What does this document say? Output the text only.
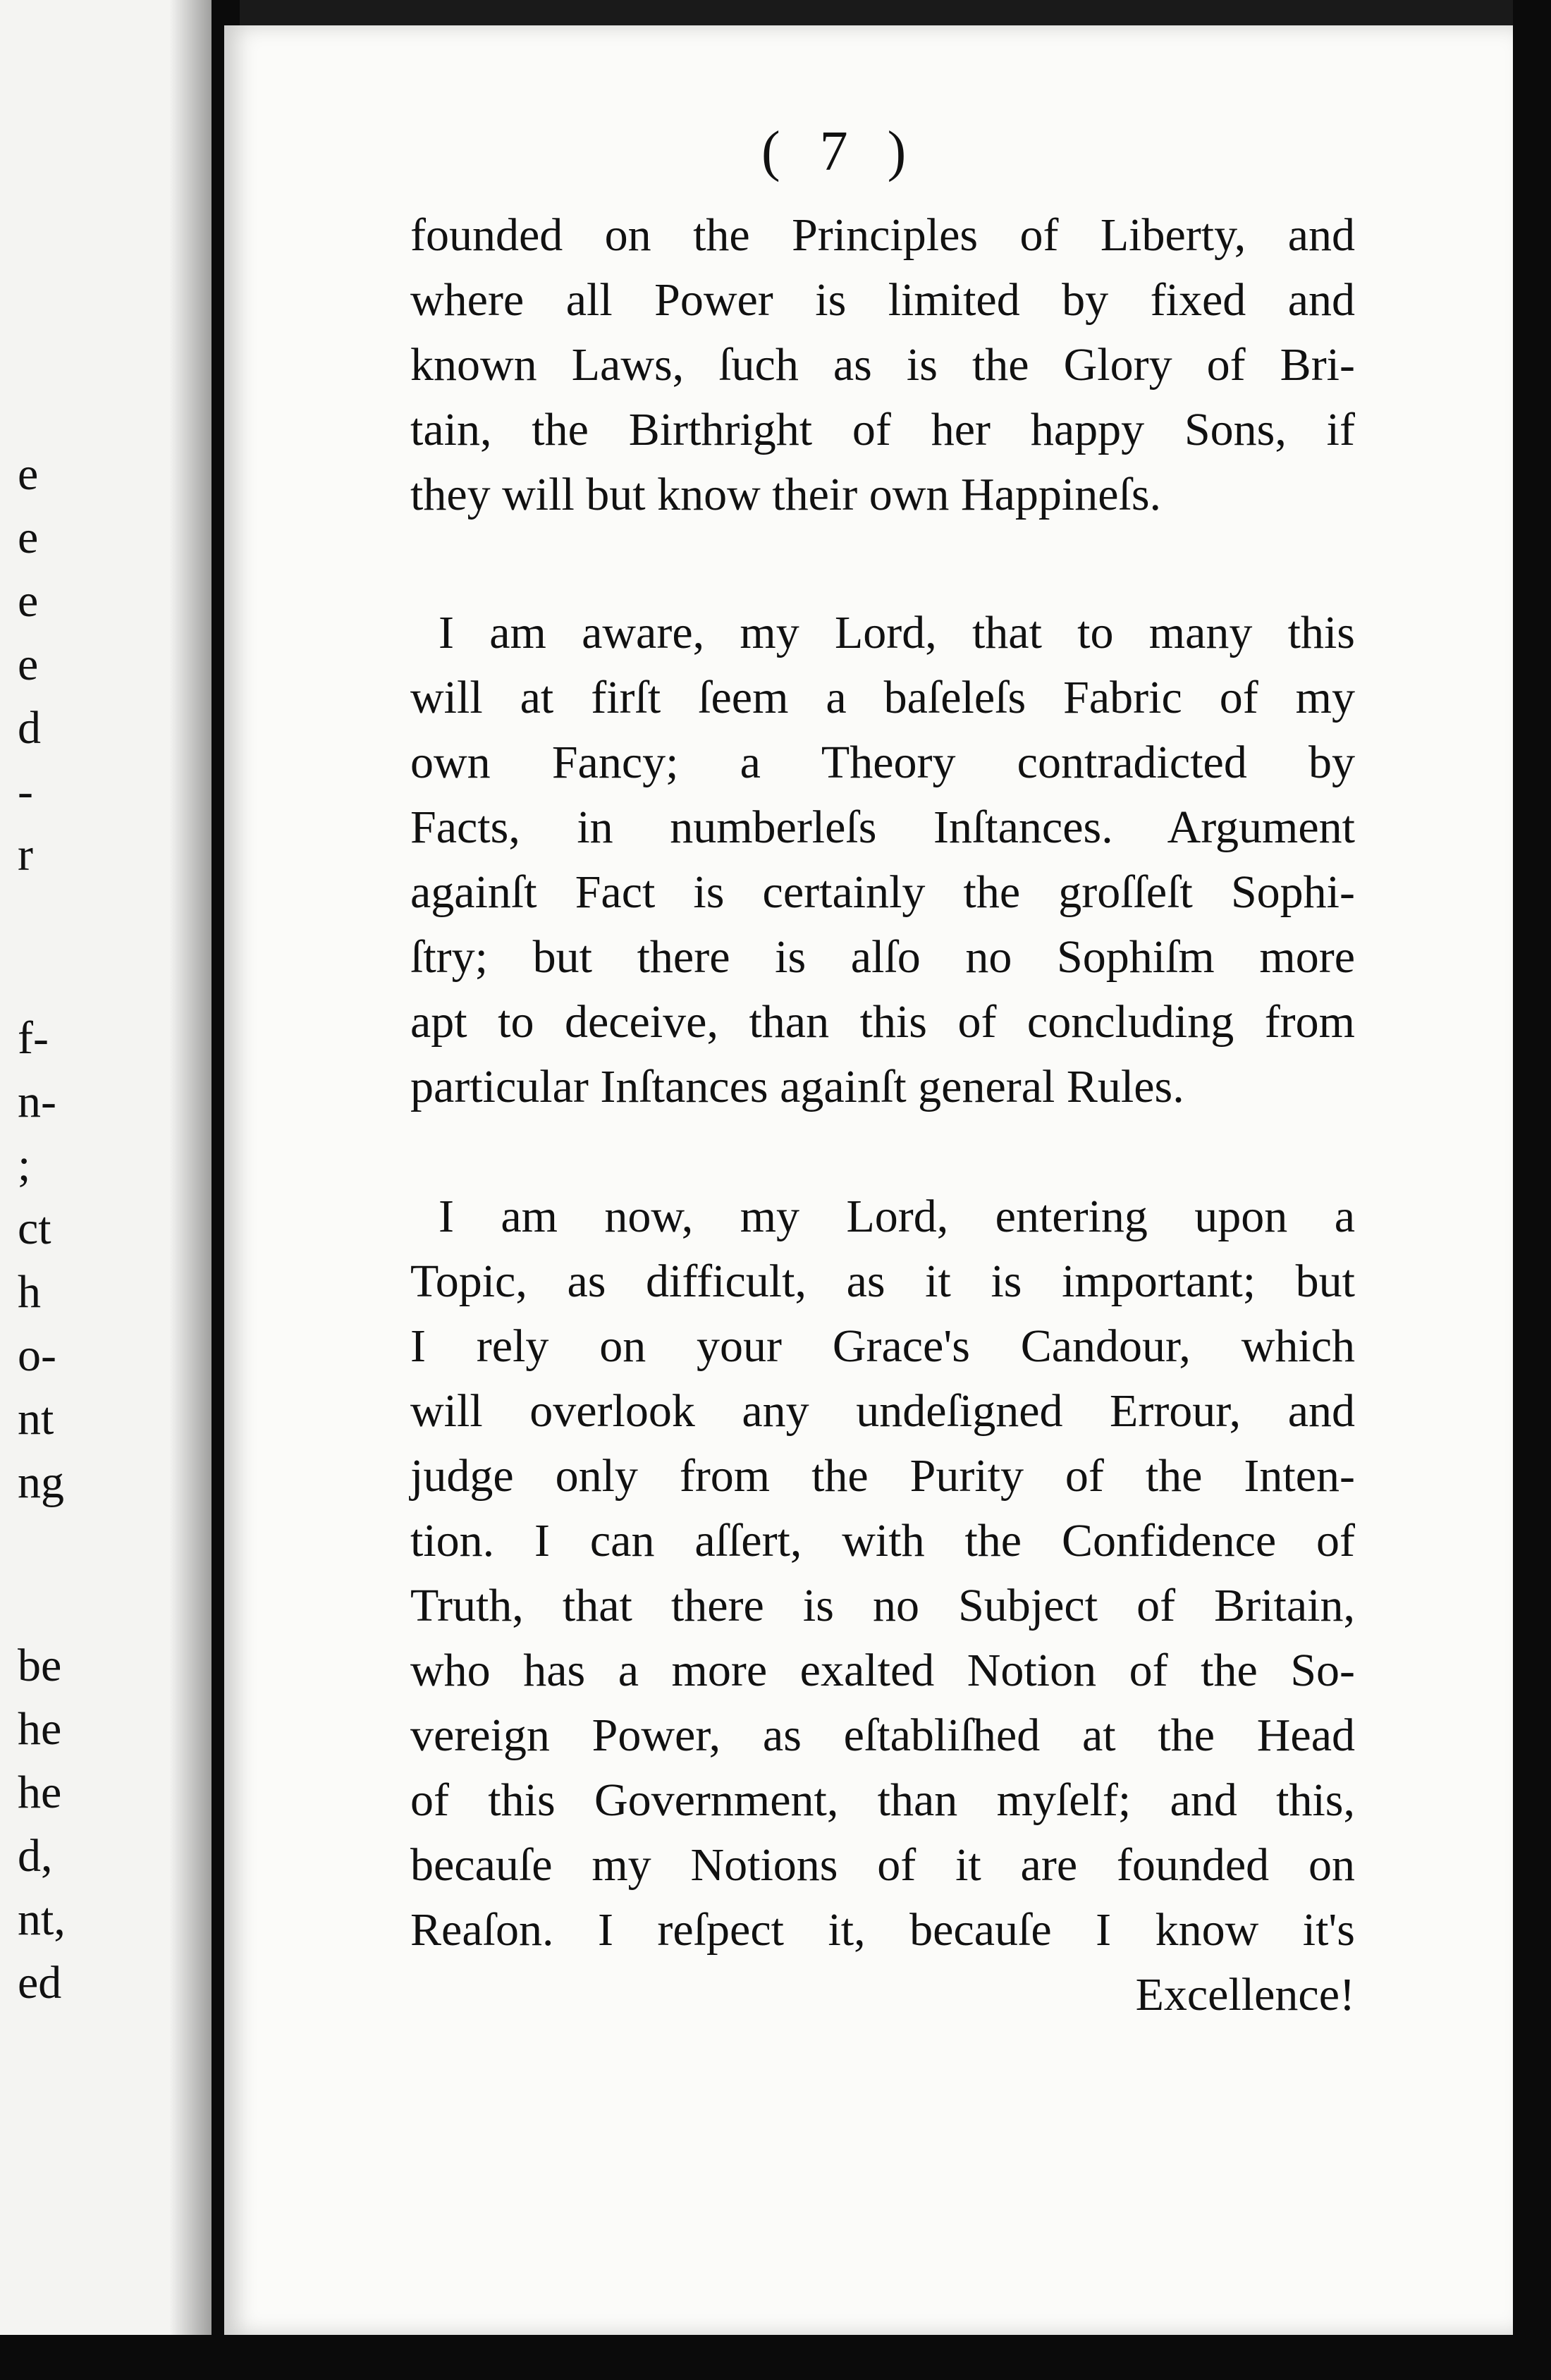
e
e
e
e
d
-
r
f-
n-
;
ct
h
o-
nt
ng
be
he
he
d,
nt,
ed
( 7 )
founded on the Principles of Liberty, and
where all Power is limited by fixed and
known Laws, ſuch as is the Glory of Bri-
tain, the Birthright of her happy Sons, if
they will but know their own Happineſs.
I am aware, my Lord, that to many this
will at firſt ſeem a baſeleſs Fabric of my
own Fancy; a Theory contradicted by
Facts, in numberleſs Inſtances. Argument
againſt Fact is certainly the groſſeſt Sophi-
ſtry; but there is alſo no Sophiſm more
apt to deceive, than this of concluding from
particular Inſtances againſt general Rules.
I am now, my Lord, entering upon a
Topic, as difficult, as it is important; but
I rely on your Grace's Candour, which
will overlook any undeſigned Errour, and
judge only from the Purity of the Inten-
tion. I can aſſert, with the Confidence of
Truth, that there is no Subject of Britain,
who has a more exalted Notion of the So-
vereign Power, as eſtabliſhed at the Head
of this Government, than myſelf; and this,
becauſe my Notions of it are founded on
Reaſon. I reſpect it, becauſe I know it's
Excellence!
